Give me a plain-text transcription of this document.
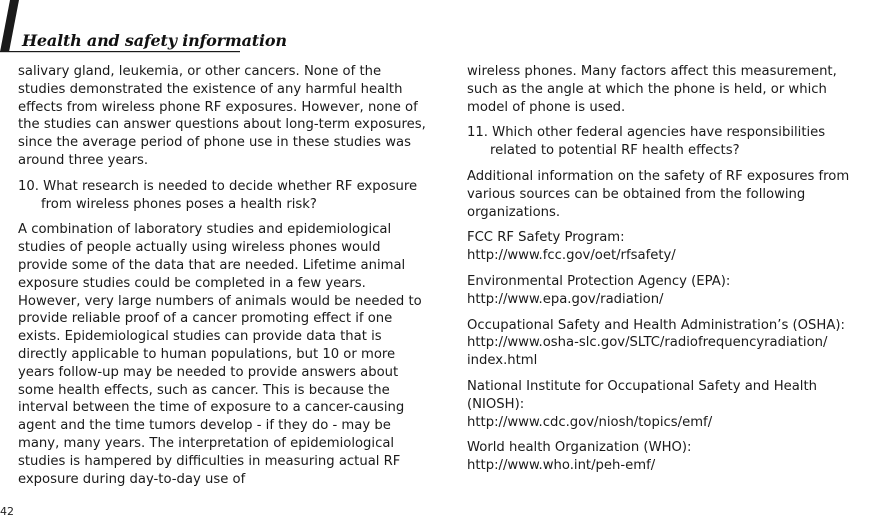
Health and safety information

salivary gland, leukemia, or other cancers. None of the studies demonstrated the existence of any harmful health effects from wireless phone RF exposures. However, none of the studies can answer questions about long-term exposures, since the average period of phone use in these studies was around three years.

10. What research is needed to decide whether RF exposure from wireless phones poses a health risk?

A combination of laboratory studies and epidemiological studies of people actually using wireless phones would provide some of the data that are needed. Lifetime animal exposure studies could be completed in a few years. However, very large numbers of animals would be needed to provide reliable proof of a cancer promoting effect if one exists. Epidemiological studies can provide data that is directly applicable to human populations, but 10 or more years follow-up may be needed to provide answers about some health effects, such as cancer. This is because the interval between the time of exposure to a cancer-causing agent and the time tumors develop - if they do - may be many, many years. The interpretation of epidemiological studies is hampered by difficulties in measuring actual RF exposure during day-to-day use of

wireless phones. Many factors affect this measurement, such as the angle at which the phone is held, or which model of phone is used.

11. Which other federal agencies have responsibilities related to potential RF health effects?

Additional information on the safety of RF exposures from various sources can be obtained from the following organizations.

FCC RF Safety Program:
http://www.fcc.gov/oet/rfsafety/
Environmental Protection Agency (EPA):
http://www.epa.gov/radiation/
Occupational Safety and Health Administration’s (OSHA):
http://www.osha-slc.gov/SLTC/radiofrequencyradiation/ index.html
National Institute for Occupational Safety and Health (NIOSH):
http://www.cdc.gov/niosh/topics/emf/
World health Organization (WHO):
http://www.who.int/peh-emf/
42
